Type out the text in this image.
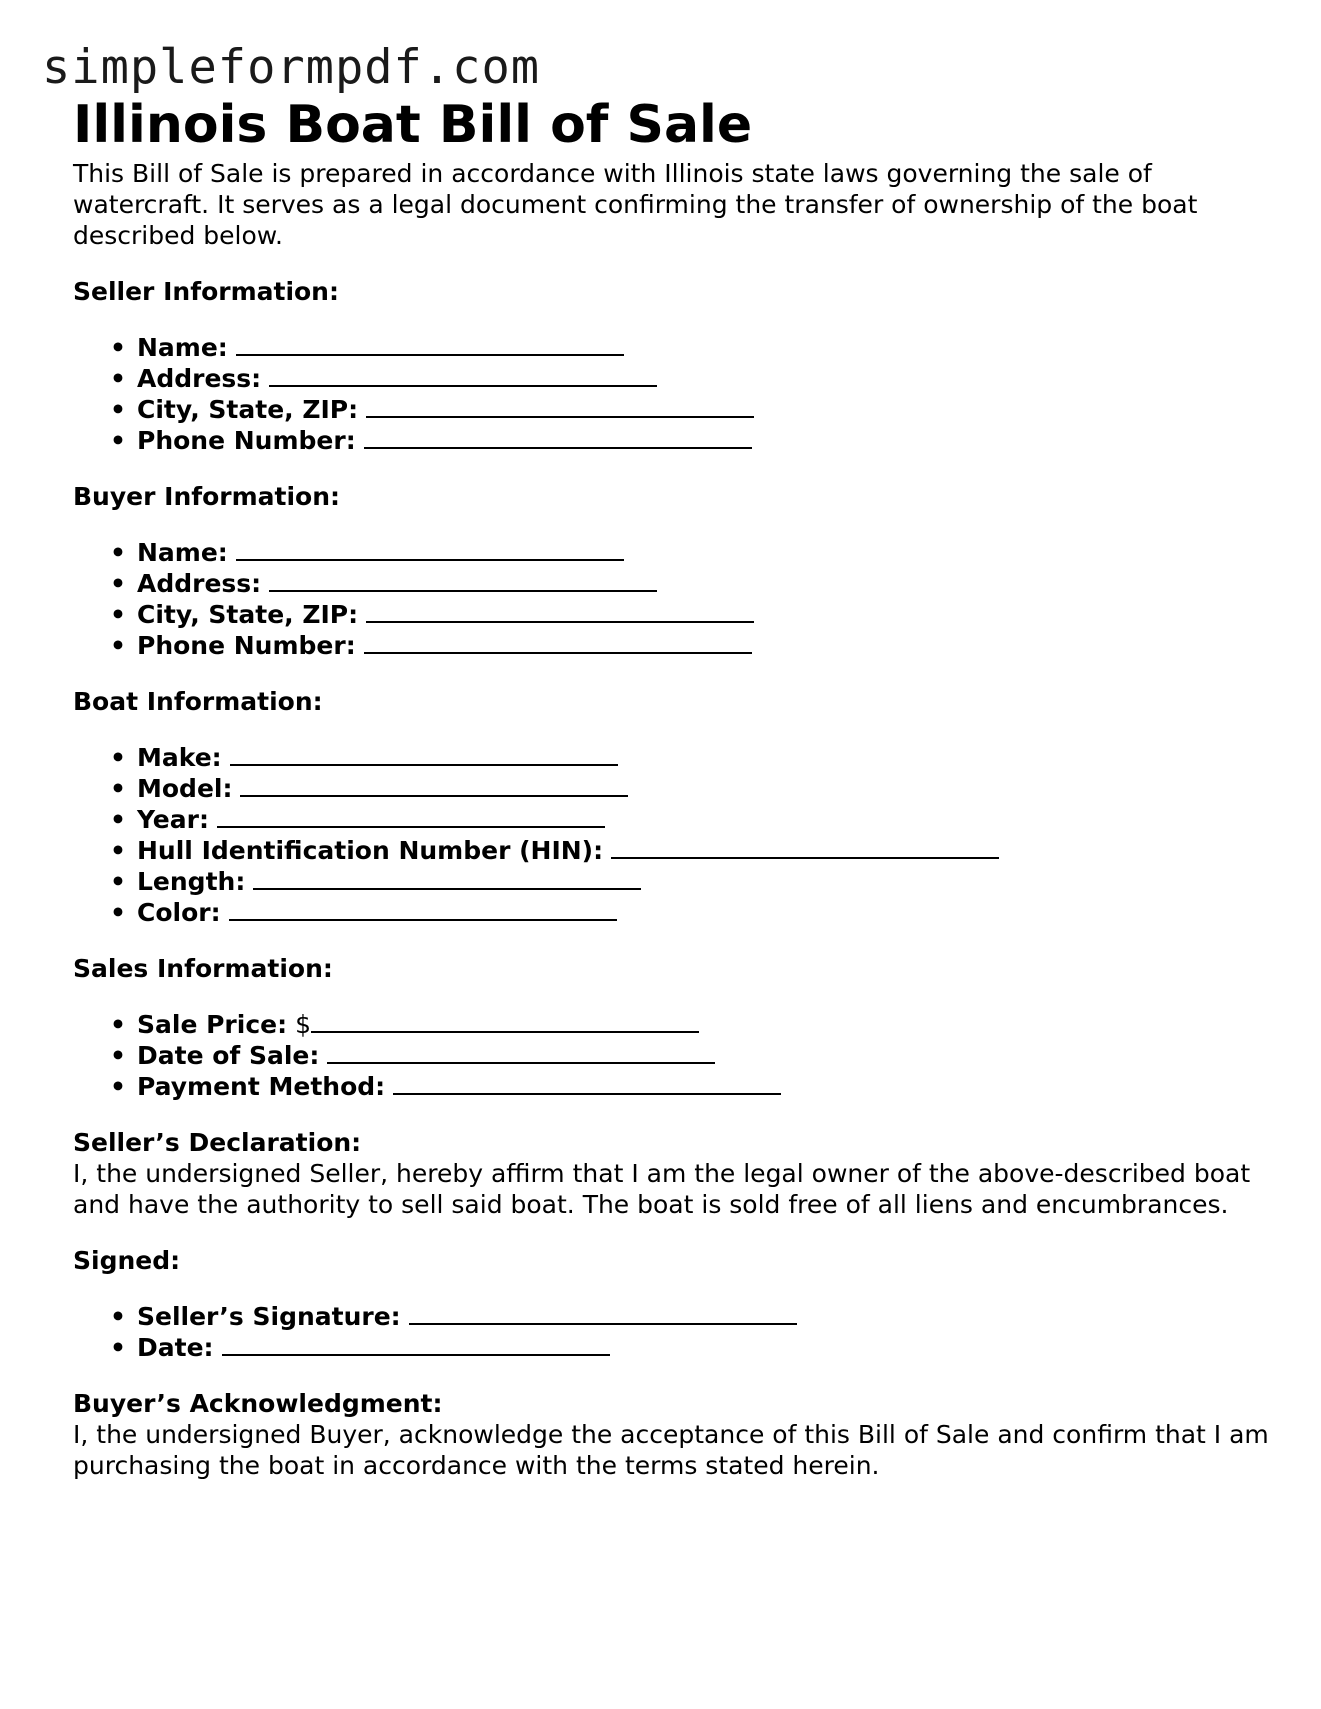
simpleformpdf.com
Illinois Boat Bill of Sale

This Bill of Sale is prepared in accordance with Illinois state laws governing the sale of watercraft. It serves as a legal document confirming the transfer of ownership of the boat described below.

Seller Information:
• Name:
• Address:
• City, State, ZIP:
• Phone Number:
Buyer Information:
• Name:
• Address:
• City, State, ZIP:
• Phone Number:
Boat Information:
• Make:
• Model:
• Year:
• Hull Identification Number (HIN):
• Length:
• Color:
Sales Information:
• Sale Price: $
• Date of Sale:
• Payment Method:
Seller’s Declaration:

I, the undersigned Seller, hereby affirm that I am the legal owner of the above-described boat and have the authority to sell said boat. The boat is sold free of all liens and encumbrances.

Signed:
• Seller’s Signature:
• Date:
Buyer’s Acknowledgment:

I, the undersigned Buyer, acknowledge the acceptance of this Bill of Sale and confirm that I am purchasing the boat in accordance with the terms stated herein.
